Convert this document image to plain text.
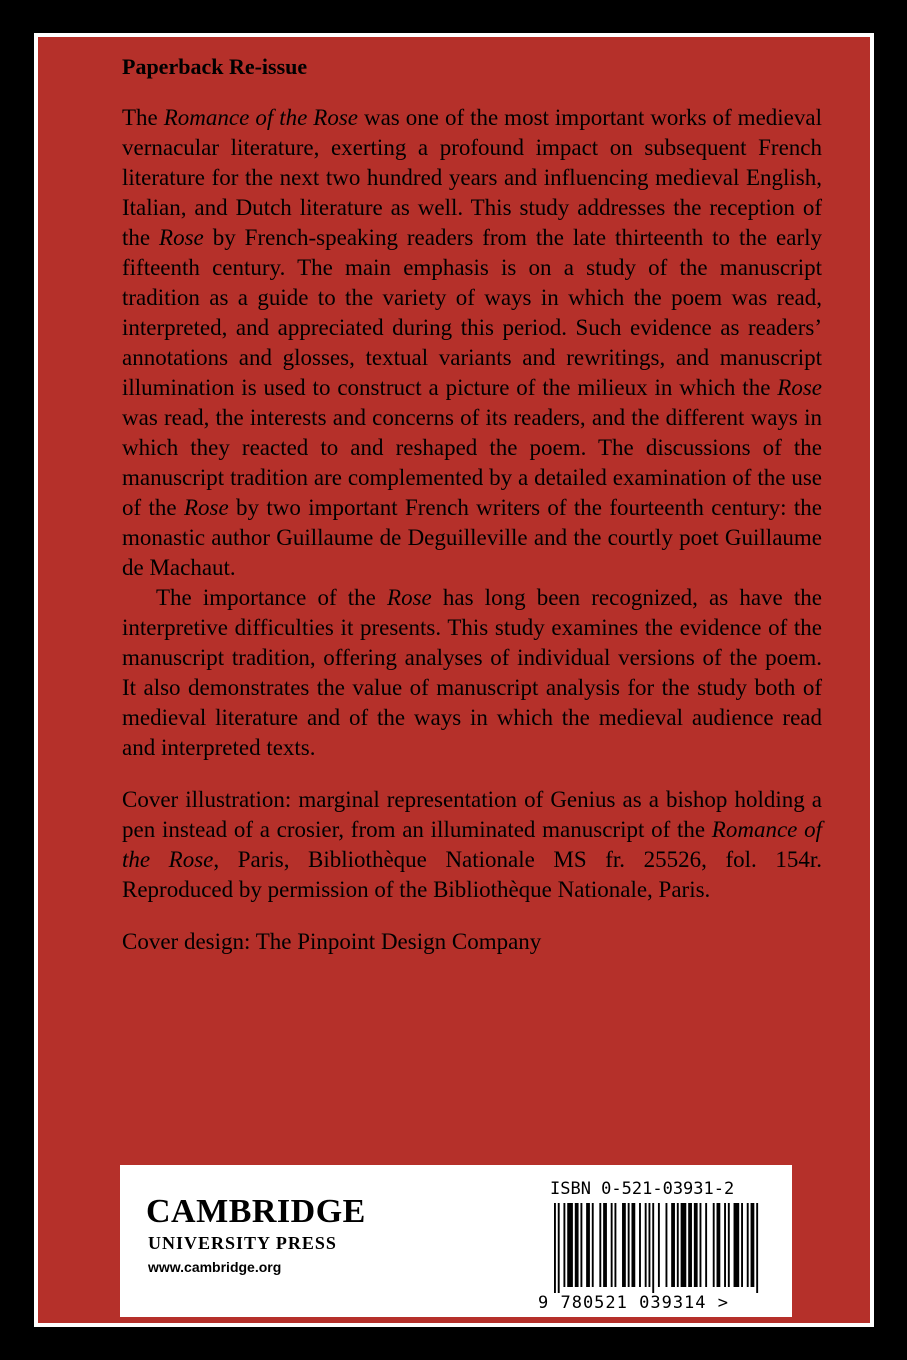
Paperback Re-issue

The Romance of the Rose was one of the most important works of medieval vernacular literature, exerting a profound impact on subsequent French literature for the next two hundred years and influencing medieval English, Italian, and Dutch literature as well. This study addresses the reception of the Rose by French-speaking readers from the late thirteenth to the early fifteenth century. The main emphasis is on a study of the manuscript tradition as a guide to the variety of ways in which the poem was read, interpreted, and appreciated during this period. Such evidence as readers’ annotations and glosses, textual variants and rewritings, and manuscript illumination is used to construct a picture of the milieux in which the Rose was read, the interests and concerns of its readers, and the different ways in which they reacted to and reshaped the poem. The discussions of the manuscript tradition are complemented by a detailed examination of the use of the Rose by two important French writers of the fourteenth century: the monastic author Guillaume de Deguilleville and the courtly poet Guillaume de Machaut.

The importance of the Rose has long been recognized, as have the interpretive difficulties it presents. This study examines the evidence of the manuscript tradition, offering analyses of individual versions of the poem. It also demonstrates the value of manuscript analysis for the study both of medieval literature and of the ways in which the medieval audience read and interpreted texts.

Cover illustration: marginal representation of Genius as a bishop holding a pen instead of a crosier, from an illuminated manuscript of the Romance of the Rose, Paris, Bibliothèque Nationale MS fr. 25526, fol. 154r. Reproduced by permission of the Bibliothèque Nationale, Paris.

Cover design: The Pinpoint Design Company

CAMBRIDGE
UNIVERSITY PRESS
www.cambridge.org
ISBN 0-521-03931-2
9 780521 039314 >
